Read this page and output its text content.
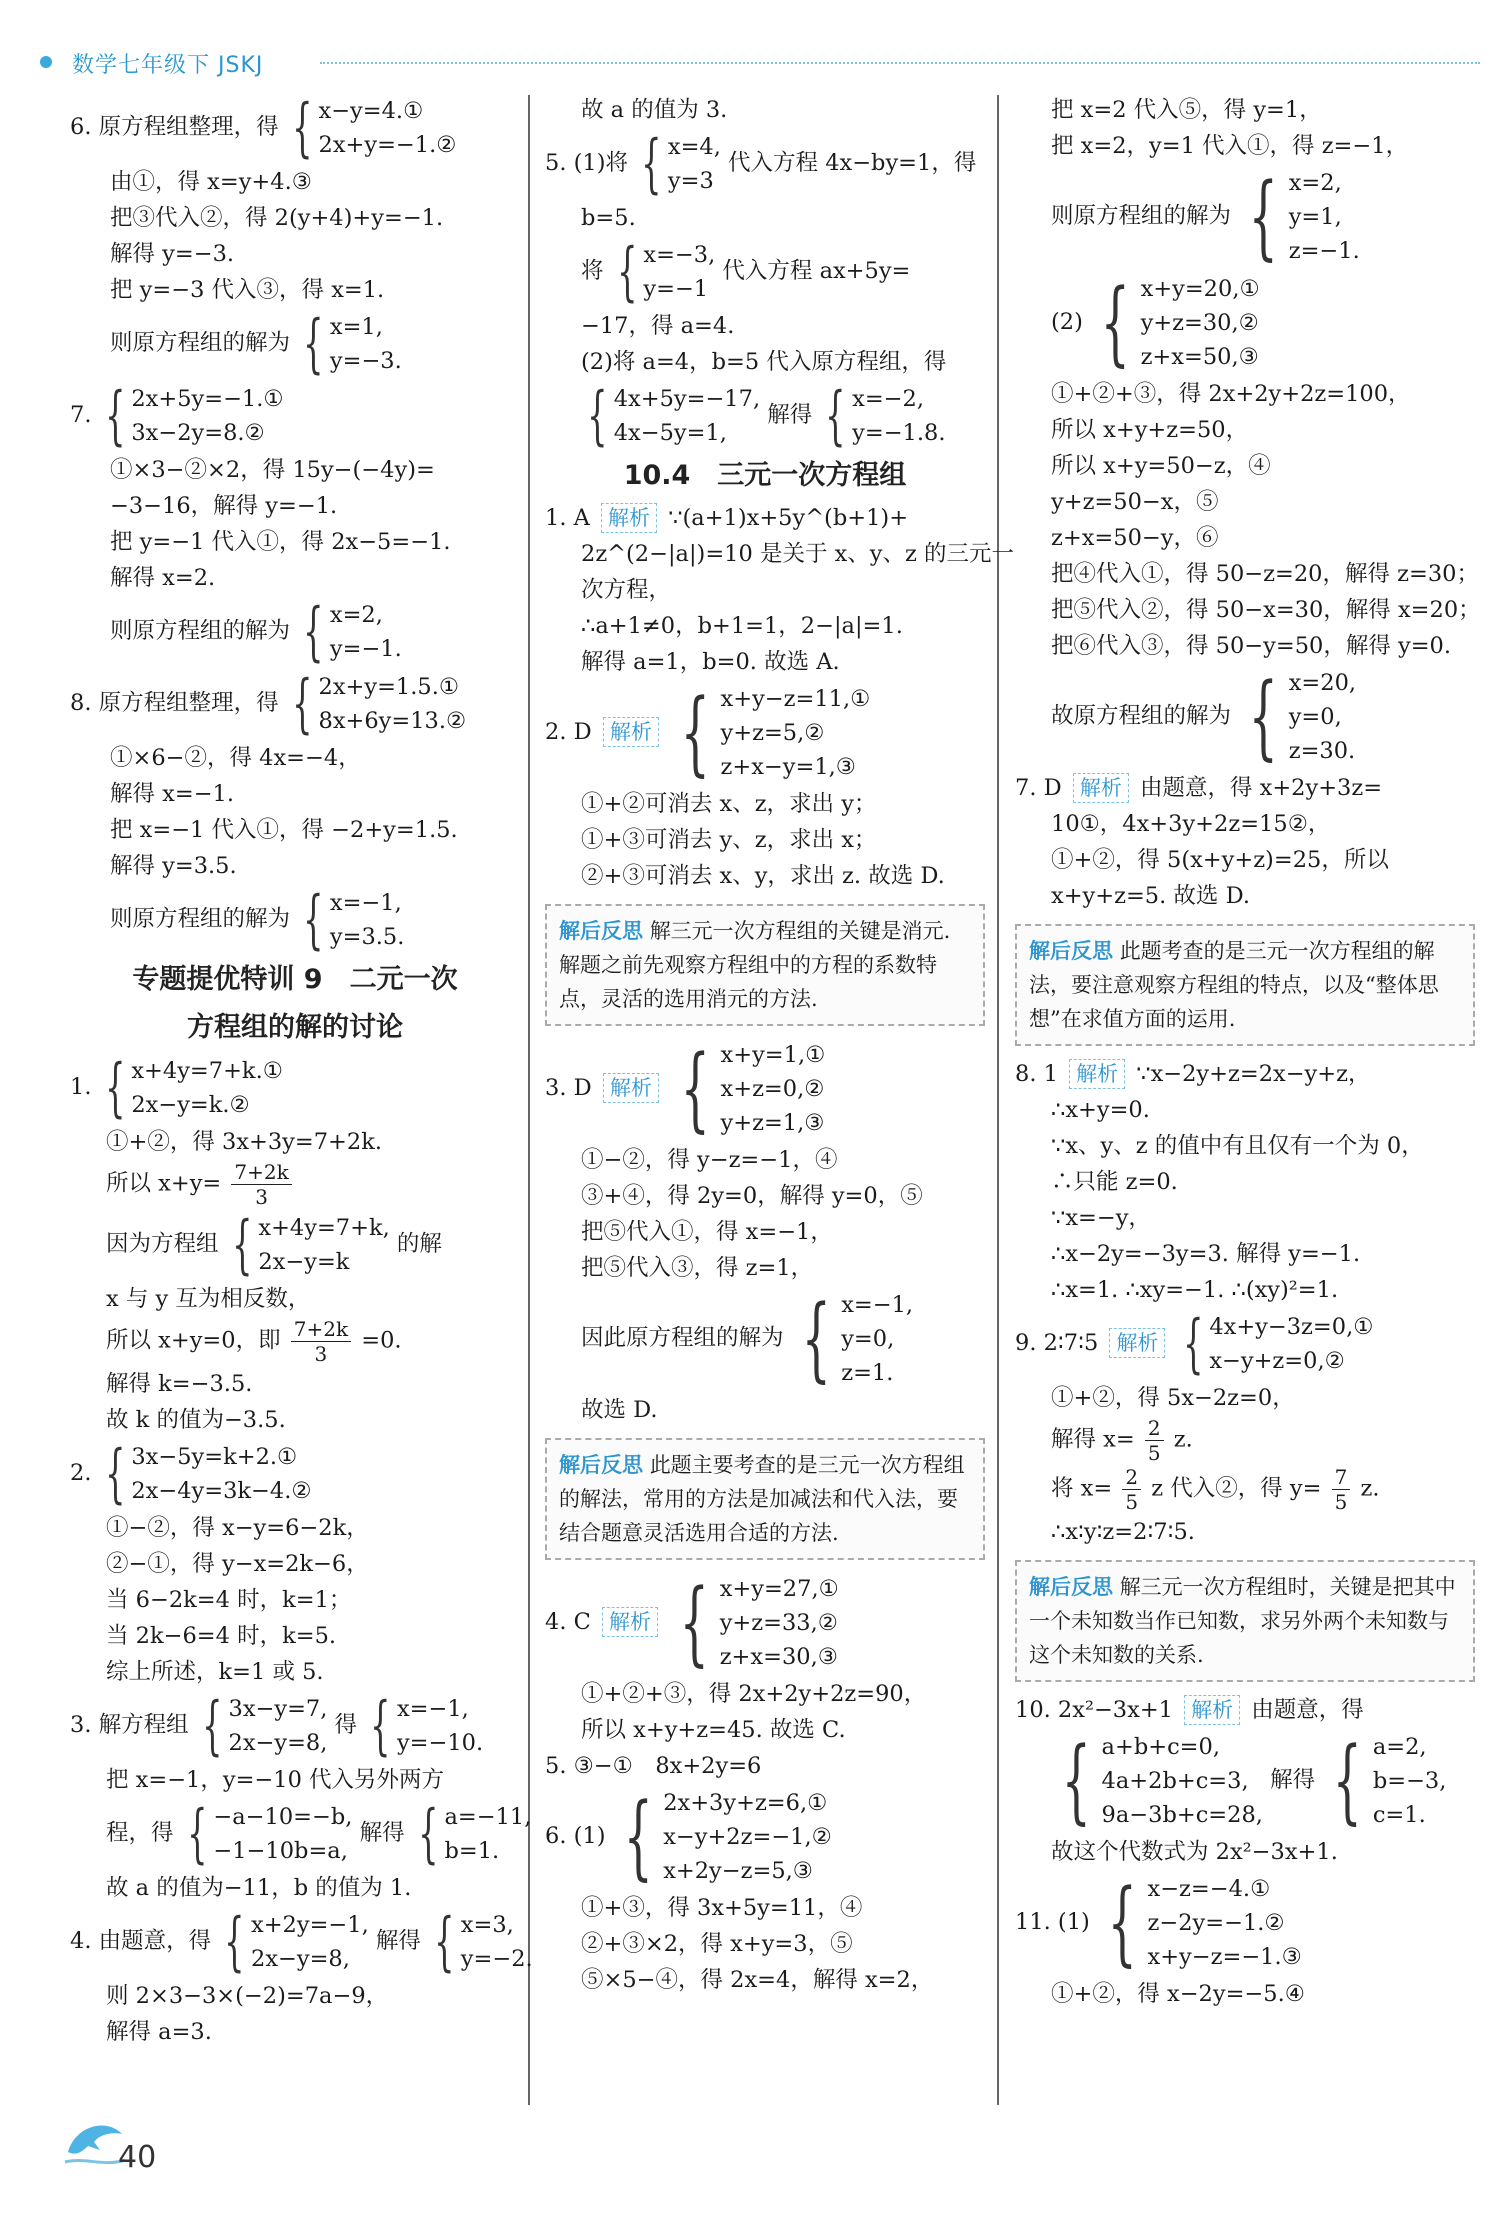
数学七年级下 JSKJ
6. 原方程组整理，得 { x−y=4.①
2x+y=−1.②
由①，得 x=y+4.③
把③代入②，得 2(y+4)+y=−1.
解得 y=−3.
把 y=−3 代入③，得 x=1.
则原方程组的解为 { x=1,
y=−3.
7. { 2x+5y=−1.①
3x−2y=8.②
①×3−②×2，得 15y−(−4y)=
−3−16，解得 y=−1.
把 y=−1 代入①，得 2x−5=−1.
解得 x=2.
则原方程组的解为 { x=2,
y=−1.
8. 原方程组整理，得 { 2x+y=1.5.①
8x+6y=13.②
①×6−②，得 4x=−4，
解得 x=−1.
把 x=−1 代入①，得 −2+y=1.5.
解得 y=3.5.
则原方程组的解为 { x=−1,
y=3.5.
专题提优特训 9　二元一次
方程组的解的讨论
1. { x+4y=7+k.①
2x−y=k.②
①+②，得 3x+3y=7+2k.
所以 $x+y= \frac{7+2k}{3}$
因为方程组 { x+4y=7+k,
2x−y=k
的解
x 与 y 互为相反数，
所以 x+y=0，即 $\frac{7+2k}{3} =0$.
解得 k=−3.5.
故 k 的值为−3.5.
2. { 3x−5y=k+2.①
2x−4y=3k−4.②
①−②，得 x−y=6−2k，
②−①，得 y−x=2k−6，
当 6−2k=4 时，k=1；
当 2k−6=4 时，k=5.
综上所述，k=1 或 5.
3. 解方程组 { 3x−y=7,
2x−y=8,
得 { x=−1,
y=−10.
把 x=−1，y=−10 代入另外两方
程，得 { −a−10=−b,
−1−10b=a,
解得 { a=−11,
b=1.
故 a 的值为−11，b 的值为 1.
4. 由题意，得 { x+2y=−1,
2x−y=8,
解得 { x=3,
y=−2.
则 2×3−3×(−2)=7a−9，
解得 a=3.
故 a 的值为 3.
5. (1)将 { x=4,
y=3
代入方程 4x−by=1，得
b=5.
将 { x=−3,
y=−1
代入方程 ax+5y=
−17，得 a=4.
(2)将 a=4，b=5 代入原方程组，得
{ 4x+5y=−17,
4x−5y=1,
解得 { x=−2,
y=−1.8.
10.4　三元一次方程组
1. A 解析 ∵(a+1)x+5y^(b+1)+
2z^(2−|a|)=10 是关于 x、y、z 的三元一
次方程，
∴a+1≠0，b+1=1，2−|a|=1.
解得 a=1，b=0. 故选 A.
2. D 解析 { x+y−z=11,①
y+z=5,②
z+x−y=1,③
①+②可消去 x、z，求出 y；
①+③可消去 y、z，求出 x；
②+③可消去 x、y，求出 z. 故选 D.
解后反思 解三元一次方程组的关键是消元. 解题之前先观察方程组中的方程的系数特点，灵活的选用消元的方法.
3. D 解析 { x+y=1,①
x+z=0,②
y+z=1,③
①−②，得 y−z=−1，④
③+④，得 2y=0，解得 y=0，⑤
把⑤代入①，得 x=−1，
把⑤代入③，得 z=1，
因此原方程组的解为 { x=−1,
y=0,
z=1.
故选 D.
解后反思 此题主要考查的是三元一次方程组的解法，常用的方法是加减法和代入法，要结合题意灵活选用合适的方法.
4. C 解析 { x+y=27,①
y+z=33,②
z+x=30,③
①+②+③，得 2x+2y+2z=90，
所以 x+y+z=45. 故选 C.
5. ③−①　8x+2y=6
6. (1) { 2x+3y+z=6,①
x−y+2z=−1,②
x+2y−z=5,③
①+③，得 3x+5y=11，④
②+③×2，得 x+y=3，⑤
⑤×5−④，得 2x=4，解得 x=2，
把 x=2 代入⑤，得 y=1，
把 x=2，y=1 代入①，得 z=−1，
则原方程组的解为 { x=2,
y=1,
z=−1.
(2) { x+y=20,①
y+z=30,②
z+x=50,③
①+②+③，得 2x+2y+2z=100，
所以 x+y+z=50，
所以 x+y=50−z，④
y+z=50−x，⑤
z+x=50−y，⑥
把④代入①，得 50−z=20，解得 z=30；
把⑤代入②，得 50−x=30，解得 x=20；
把⑥代入③，得 50−y=50，解得 y=0.
故原方程组的解为 { x=20,
y=0,
z=30.
7. D 解析 由题意，得 x+2y+3z=
10①，4x+3y+2z=15②，
①+②，得 5(x+y+z)=25，所以
x+y+z=5. 故选 D.
解后反思 此题考查的是三元一次方程组的解法，要注意观察方程组的特点，以及“整体思想”在求值方面的运用.
8. 1 解析 ∵x−2y+z=2x−y+z，
∴x+y=0.
∵x、y、z 的值中有且仅有一个为 0，
∴只能 z=0.
∵x=−y，
∴x−2y=−3y=3. 解得 y=−1.
∴x=1. ∴xy=−1. ∴(xy)²=1.
9. 2∶7∶5 解析 { 4x+y−3z=0,①
x−y+z=0,②
①+②，得 5x−2z=0，
解得 $x= \frac{2}{5} z$.
将 $x= \frac{2}{5}$ z 代入②，得 $y= \frac{7}{5} z$.
∴x∶y∶z=2∶7∶5.
解后反思 解三元一次方程组时，关键是把其中一个未知数当作已知数，求另外两个未知数与这个未知数的关系.
10. 2x²−3x+1 解析 由题意，得
{ a+b+c=0,
4a+2b+c=3,
9a−3b+c=28,
解得 { a=2,
b=−3,
c=1.
故这个代数式为 2x²−3x+1.
11. (1) { x−z=−4.①
z−2y=−1.②
x+y−z=−1.③
①+②，得 x−2y=−5.④
40
